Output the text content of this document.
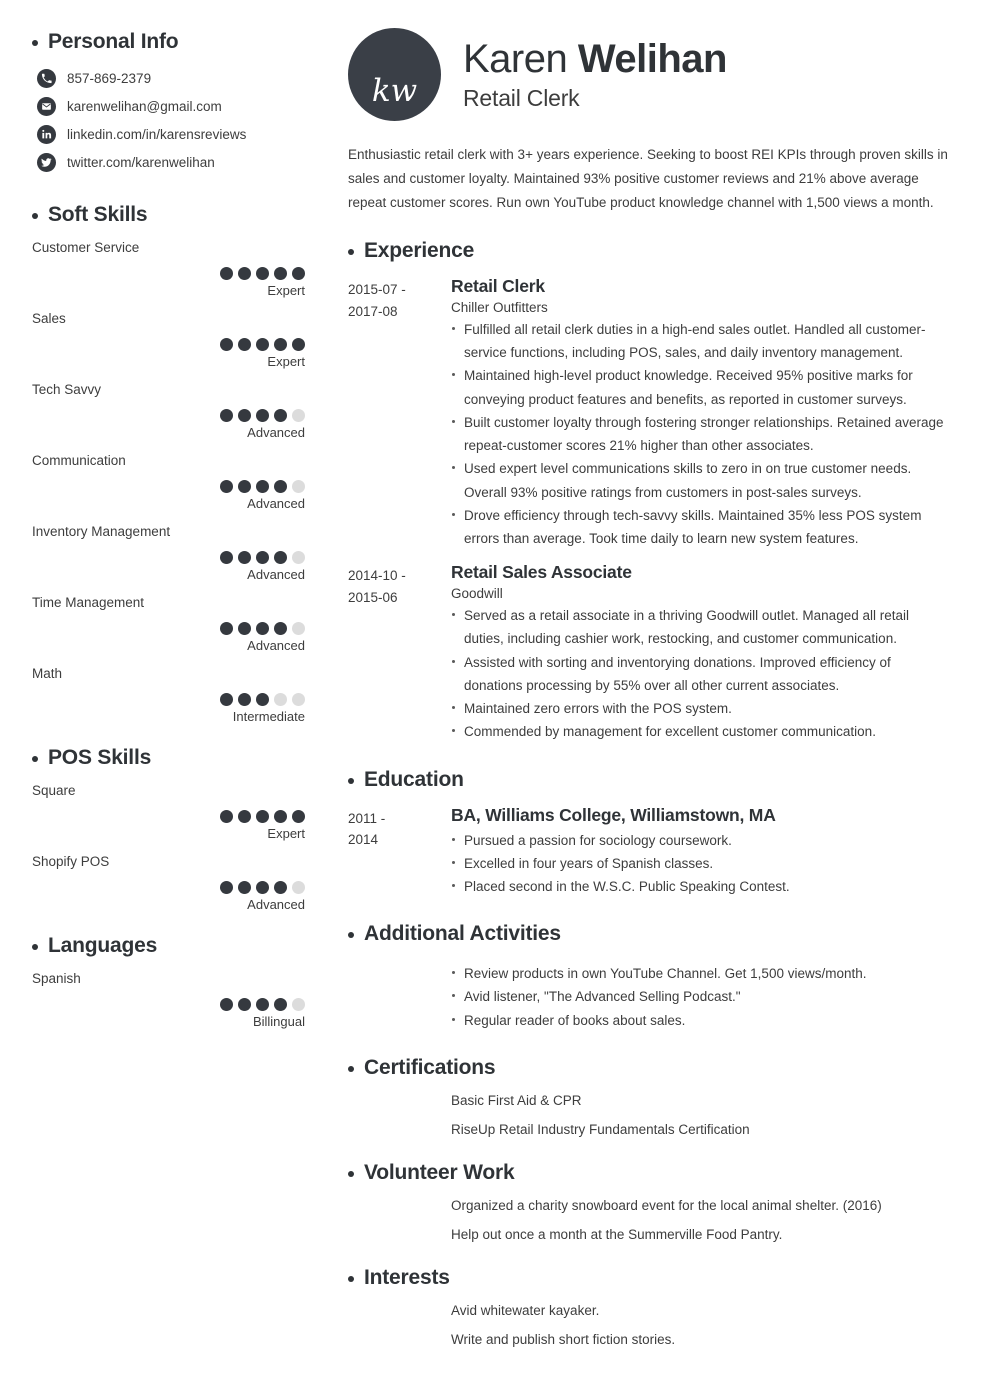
Personal Info
857-869-2379
karenwelihan@gmail.com
linkedin.com/in/karensreviews
twitter.com/karenwelihan
Soft Skills
Customer Service
Expert
Sales
Expert
Tech Savvy
Advanced
Communication
Advanced
Inventory Management
Advanced
Time Management
Advanced
Math
Intermediate
POS Skills
Square
Expert
Shopify POS
Advanced
Languages
Spanish
Billingual
kw
Karen Welihan
Retail Clerk

Enthusiastic retail clerk with 3+ years experience. Seeking to boost REI KPIs through proven skills in sales and customer loyalty. Maintained 93% positive customer reviews and 21% above average repeat customer scores. Run own YouTube product knowledge channel with 1,500 views a month.

Experience
2015-07 -
2017-08
Retail Clerk
Chiller Outfitters
Fulfilled all retail clerk duties in a high-end sales outlet. Handled all customer-service functions, including POS, sales, and daily inventory management.
Maintained high-level product knowledge. Received 95% positive marks for conveying product features and benefits, as reported in customer surveys.
Built customer loyalty through fostering stronger relationships. Retained average repeat-customer scores 21% higher than other associates.
Used expert level communications skills to zero in on true customer needs. Overall 93% positive ratings from customers in post-sales surveys.
Drove efficiency through tech-savvy skills. Maintained 35% less POS system errors than average. Took time daily to learn new system features.
2014-10 -
2015-06
Retail Sales Associate
Goodwill
Served as a retail associate in a thriving Goodwill outlet. Managed all retail duties, including cashier work, restocking, and customer communication.
Assisted with sorting and inventorying donations. Improved efficiency of donations processing by 55% over all other current associates.
Maintained zero errors with the POS system.
Commended by management for excellent customer communication.
Education
2011 -
2014
BA, Williams College, Williamstown, MA
Pursued a passion for sociology coursework.
Excelled in four years of Spanish classes.
Placed second in the W.S.C. Public Speaking Contest.
Additional Activities
Review products in own YouTube Channel. Get 1,500 views/month.
Avid listener, "The Advanced Selling Podcast."
Regular reader of books about sales.
Certifications
Basic First Aid & CPR
RiseUp Retail Industry Fundamentals Certification
Volunteer Work
Organized a charity snowboard event for the local animal shelter. (2016)
Help out once a month at the Summerville Food Pantry.
Interests
Avid whitewater kayaker.
Write and publish short fiction stories.
